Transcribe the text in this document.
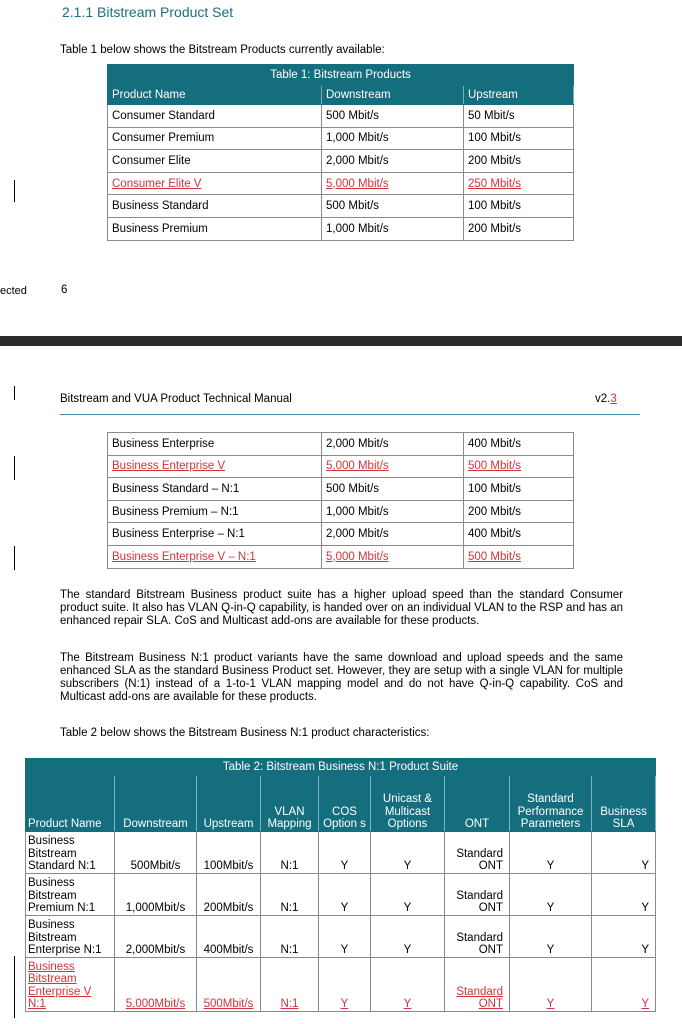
2.1.1 Bitstream Product Set
Table 1 below shows the Bitstream Products currently available:
Table 1: Bitstream Products		
Product Name	Downstream	Upstream
Consumer Standard	500 Mbit/s	50 Mbit/s
Consumer Premium	1,000 Mbit/s	100 Mbit/s
Consumer Elite	2,000 Mbit/s	200 Mbit/s
Consumer Elite V	5,000 Mbit/s	250 Mbit/s
Business Standard	500 Mbit/s	100 Mbit/s
Business Premium	1,000 Mbit/s	200 Mbit/s
ected	6
Bitstream and VUA Product Technical Manual	v2.3
Business Enterprise	2,000 Mbit/s	400 Mbit/s
Business Enterprise V	5,000 Mbit/s	500 Mbit/s
Business Standard – N:1	500 Mbit/s	100 Mbit/s
Business Premium – N:1	1,000 Mbit/s	200 Mbit/s
Business Enterprise – N:1	2,000 Mbit/s	400 Mbit/s
Business Enterprise V – N:1	5,000 Mbit/s	500 Mbit/s
The standard Bitstream Business product suite has a higher upload speed than the standard Consumer product suite. It also has VLAN Q-in-Q capability, is handed over on an individual VLAN to the RSP and has an enhanced repair SLA. CoS and Multicast add-ons are available for these products.
The Bitstream Business N:1 product variants have the same download and upload speeds and the same enhanced SLA as the standard Business Product set. However, they are setup with a single VLAN for multiple subscribers (N:1) instead of a 1-to-1 VLAN mapping model and do not have Q-in-Q capability. CoS and Multicast add-ons are available for these products.
Table 2 below shows the Bitstream Business N:1 product characteristics:
Table 2: Bitstream Business N:1 Product Suite								
Product Name	Downstream	Upstream	VLAN Mapping	COS Option s	Unicast & Multicast Options	ONT	Standard Performance Parameters	Business SLA
Business Bitstream Standard N:1	500Mbit/s	100Mbit/s	N:1	Y	Y	Standard ONT	Y	Y
Business Bitstream Premium N:1	1,000Mbit/s	200Mbit/s	N:1	Y	Y	Standard ONT	Y	Y
Business Bitstream Enterprise N:1	2,000Mbit/s	400Mbit/s	N:1	Y	Y	Standard ONT	Y	Y
Business Bitstream Enterprise V N:1	5,000Mbit/s	500Mbit/s	N:1	Y	Y	Standard ONT	Y	Y
